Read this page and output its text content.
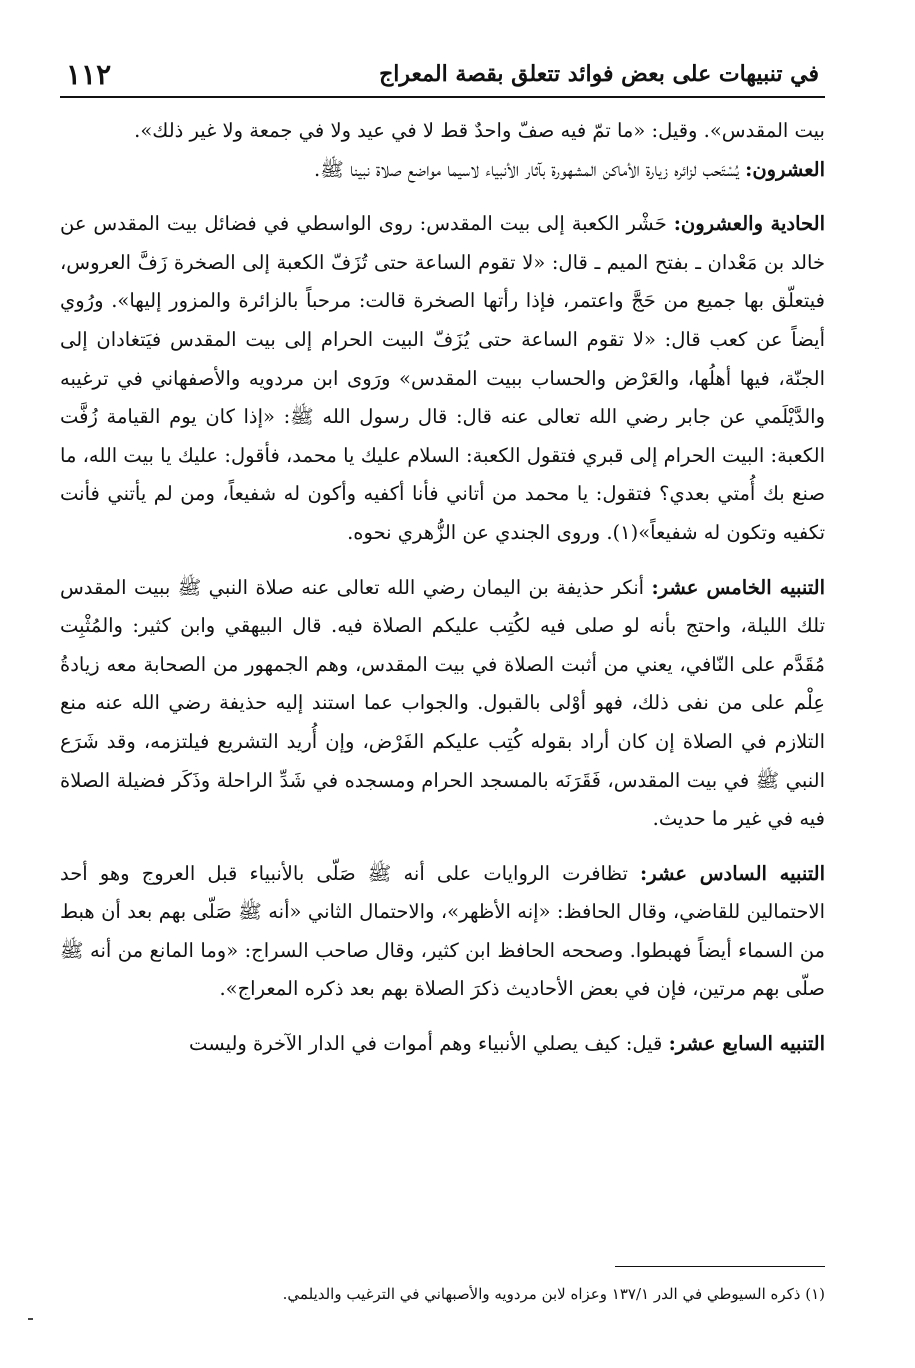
في تنبيهات على بعض فوائد تتعلق بقصة المعراج
١١٢

بيت المقدس». وقيل: «ما تمّ فيه صفّ واحدٌ قط لا في عيد ولا في جمعة ولا غير ذلك».

العشرون: يُسْتَحب لزائره زيارة الأماكن المشهورة بآثار الأنبياء لاسيما مواضع صلاة نبينا ﷺ.

الحادية والعشرون: حَشْر الكعبة إلى بيت المقدس: روى الواسطي في فضائل بيت المقدس عن خالد بن مَعْدان ـ بفتح الميم ـ قال: «لا تقوم الساعة حتى تُزَفّ الكعبة إلى الصخرة زَفَّ العروس، فيتعلّق بها جميع من حَجَّ واعتمر، فإذا رأتها الصخرة قالت: مرحباً بالزائرة والمزور إليها». ورُوي أيضاً عن كعب قال: «لا تقوم الساعة حتى يُزَفّ البيت الحرام إلى بيت المقدس فيَتغادان إلى الجنّة، فيها أهلُها، والعَرْض والحساب ببيت المقدس» ورَوى ابن مردويه والأصفهاني في ترغيبه والدَّيْلَمي عن جابر رضي الله تعالى عنه قال: قال رسول الله ﷺ: «إذا كان يوم القيامة زُفَّت الكعبة: البيت الحرام إلى قبري فتقول الكعبة: السلام عليك يا محمد، فأقول: عليك يا بيت الله، ما صنع بك أُمتي بعدي؟ فتقول: يا محمد من أتاني فأنا أكفيه وأكون له شفيعاً، ومن لم يأتني فأنت تكفيه وتكون له شفيعاً»(١). وروى الجندي عن الزُّهري نحوه.

التنبيه الخامس عشر: أنكر حذيفة بن اليمان رضي الله تعالى عنه صلاة النبي ﷺ ببيت المقدس تلك الليلة، واحتج بأنه لو صلى فيه لكُتِب عليكم الصلاة فيه. قال البيهقي وابن كثير: والمُثْبِت مُقَدَّم على النّافي، يعني من أثبت الصلاة في بيت المقدس، وهم الجمهور من الصحابة معه زيادةُ عِلْم على من نفى ذلك، فهو أوْلى بالقبول. والجواب عما استند إليه حذيفة رضي الله عنه منع التلازم في الصلاة إن كان أراد بقوله كُتِب عليكم الفَرْض، وإن أُريد التشريع فيلتزمه، وقد شَرَع النبي ﷺ في بيت المقدس، فَقَرَنَه بالمسجد الحرام ومسجده في شَدِّ الراحلة وذَكَر فضيلة الصلاة فيه في غير ما حديث.

التنبيه السادس عشر: تظافرت الروايات على أنه ﷺ صَلّى بالأنبياء قبل العروج وهو أحد الاحتمالين للقاضي، وقال الحافظ: «إنه الأظهر»، والاحتمال الثاني «أنه ﷺ صَلّى بهم بعد أن هبط من السماء أيضاً فهبطوا. وصححه الحافظ ابن كثير، وقال صاحب السراج: «وما المانع من أنه ﷺ صلّى بهم مرتين، فإن في بعض الأحاديث ذكرَ الصلاة بهم بعد ذكره المعراج».

التنبيه السابع عشر: قيل: كيف يصلي الأنبياء وهم أموات في الدار الآخرة وليست

(١) ذكره السيوطي في الدر ١٣٧/١ وعزاه لابن مردويه والأصبهاني في الترغيب والديلمي.
